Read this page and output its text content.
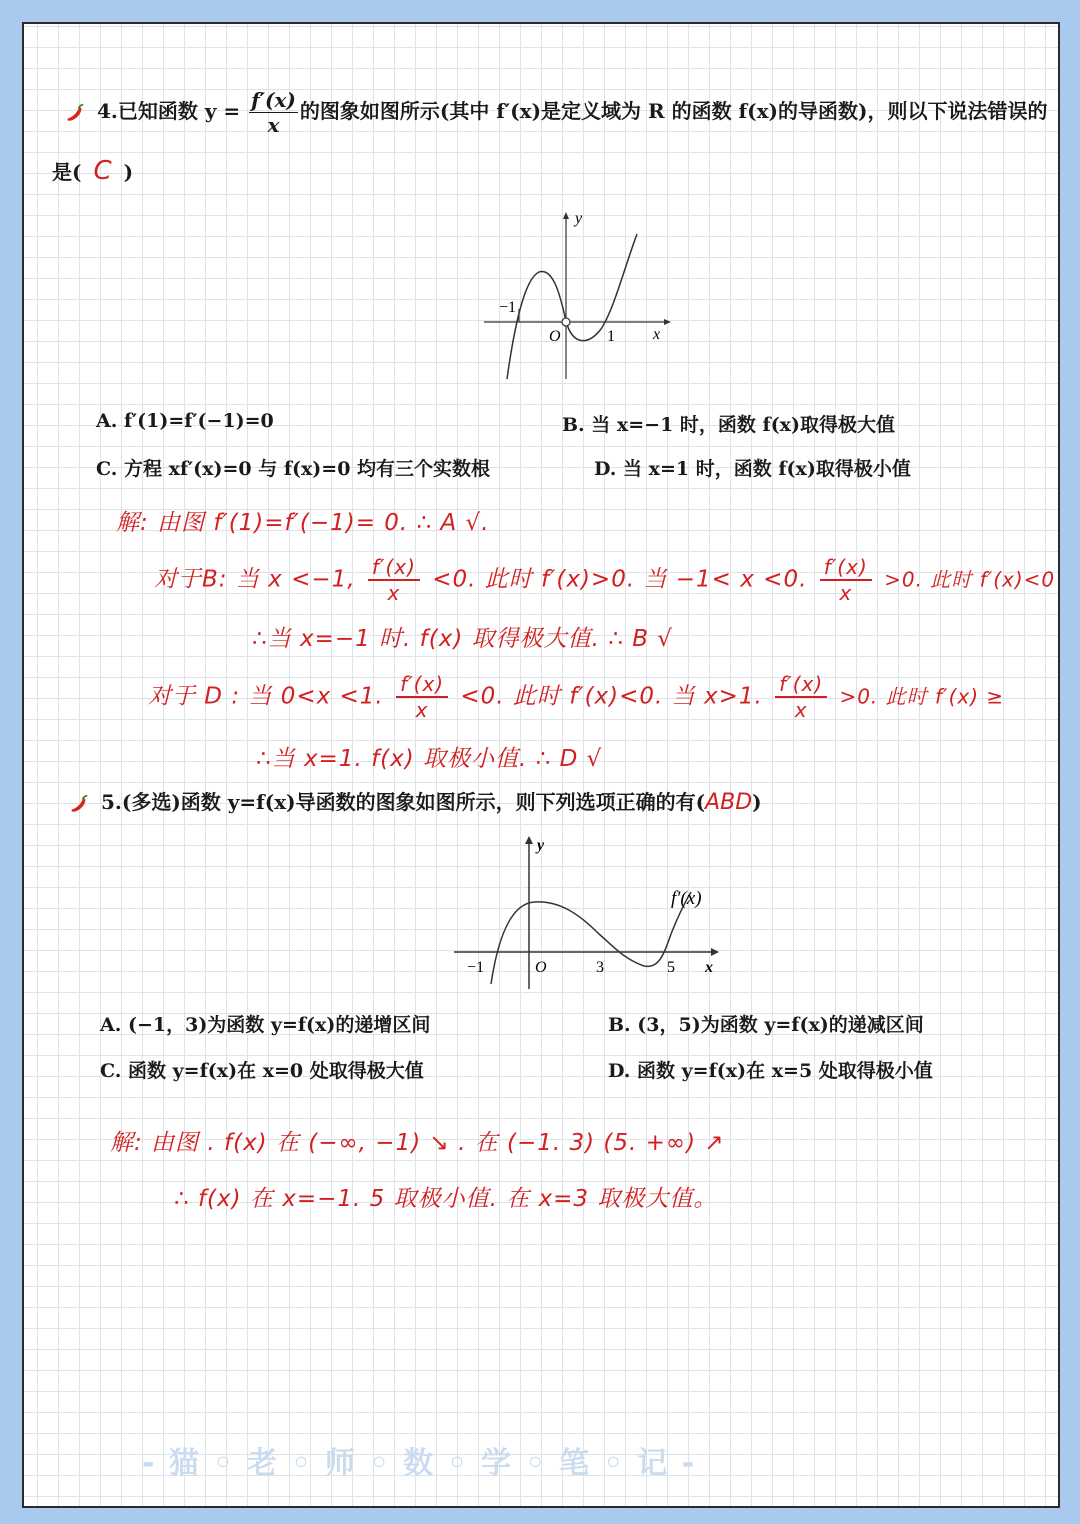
4.已知函数 $y = \frac{f'(x)}{x}$ 的图象如图所示(其中 f′(x)是定义域为 R 的函数 f(x)的导函数)，则以下说法错误的
是( C )
y
x
O
−1
1
A. f′(1)=f′(−1)=0	B. 当 x=−1 时，函数 f(x)取得极大值
C. 方程 xf′(x)=0 与 f(x)=0 均有三个实数根	D. 当 x=1 时，函数 f(x)取得极小值
解: 由图 f′(1)=f′(−1)= 0. ∴ A √.
对于B: 当 x <−1, $\frac{f'(x)}{x} <0$. 此时 f′(x)>0. 当 −1< x <0. $\frac{f'(x)}{x} >0$. 此时 f′(x)<0
∴当 x=−1 时. f(x) 取得极大值. ∴ B √
对于 D : 当 0<x <1. $\frac{f'(x)}{x} <0$. 此时 f′(x)<0. 当 x>1. $\frac{f'(x)}{x} >0$. 此时 f′(x) ≥
∴当 x=1. f(x) 取极小值. ∴ D √
5.(多选)函数 y=f(x)导函数的图象如图所示，则下列选项正确的有(ABD)
y
x
O
−1	3	5
f′(x)
A. (−1，3)为函数 y=f(x)的递增区间	B. (3，5)为函数 y=f(x)的递减区间
C. 函数 y=f(x)在 x=0 处取得极大值	D. 函数 y=f(x)在 x=5 处取得极小值
解: 由图 . f(x) 在 (−∞, −1) ↘ . 在 (−1. 3) (5. +∞) ↗
∴ f(x) 在 x=−1. 5 取极小值. 在 x=3 取极大值。
- 猫 ◦ 老 ◦ 师 ◦ 数 ◦ 学 ◦ 笔 ◦ 记 -
